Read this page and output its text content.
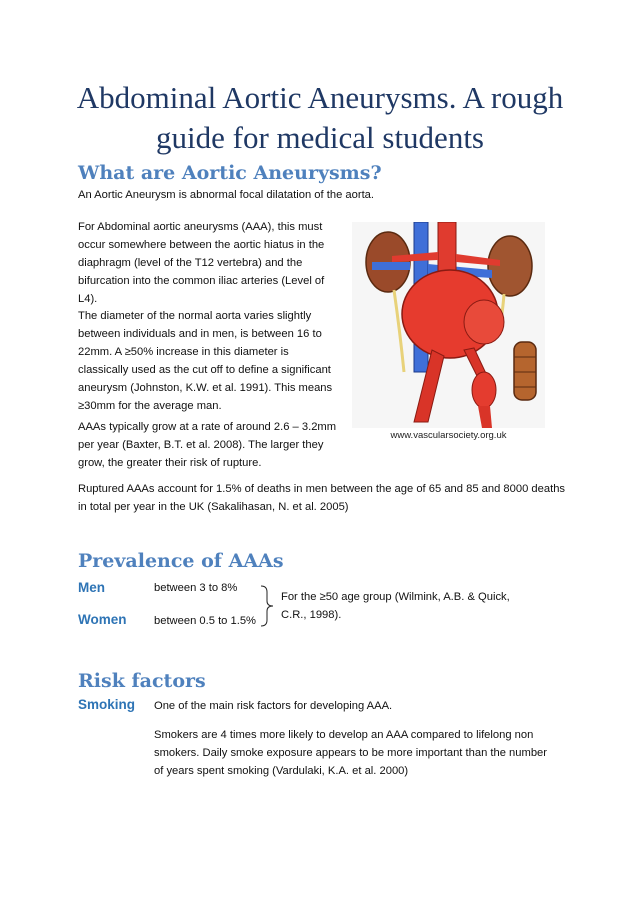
Abdominal Aortic Aneurysms. A rough guide for medical students
What are Aortic Aneurysms?
An Aortic Aneurysm is abnormal focal dilatation of the aorta.
For Abdominal aortic aneurysms (AAA), this must occur somewhere between the aortic hiatus in the diaphragm (level of the T12 vertebra) and the bifurcation into the common iliac arteries (Level of L4).
The diameter of the normal aorta varies slightly between individuals and in men, is between 16 to 22mm. A ≥50% increase in this diameter is classically used as the cut off to define a significant aneurysm (Johnston, K.W. et al. 1991). This means ≥30mm for the average man.
AAAs typically grow at a rate of around 2.6 – 3.2mm per year (Baxter, B.T. et al. 2008). The larger they grow, the greater their risk of rupture.
Ruptured AAAs account for 1.5% of deaths in men between the age of 65 and 85 and 8000 deaths in total per year in the UK (Sakalihasan, N. et al. 2005)
www.vascularsociety.org.uk
Prevalence of AAAs
Men	between 3 to 8%
Women between 0.5 to 1.5%
For the ≥50 age group (Wilmink, A.B. & Quick, C.R., 1998).
Risk factors
Smoking One of the main risk factors for developing AAA.
Smokers are 4 times more likely to develop an AAA compared to lifelong non smokers. Daily smoke exposure appears to be more important than the number of years spent smoking (Vardulaki, K.A. et al. 2000)
